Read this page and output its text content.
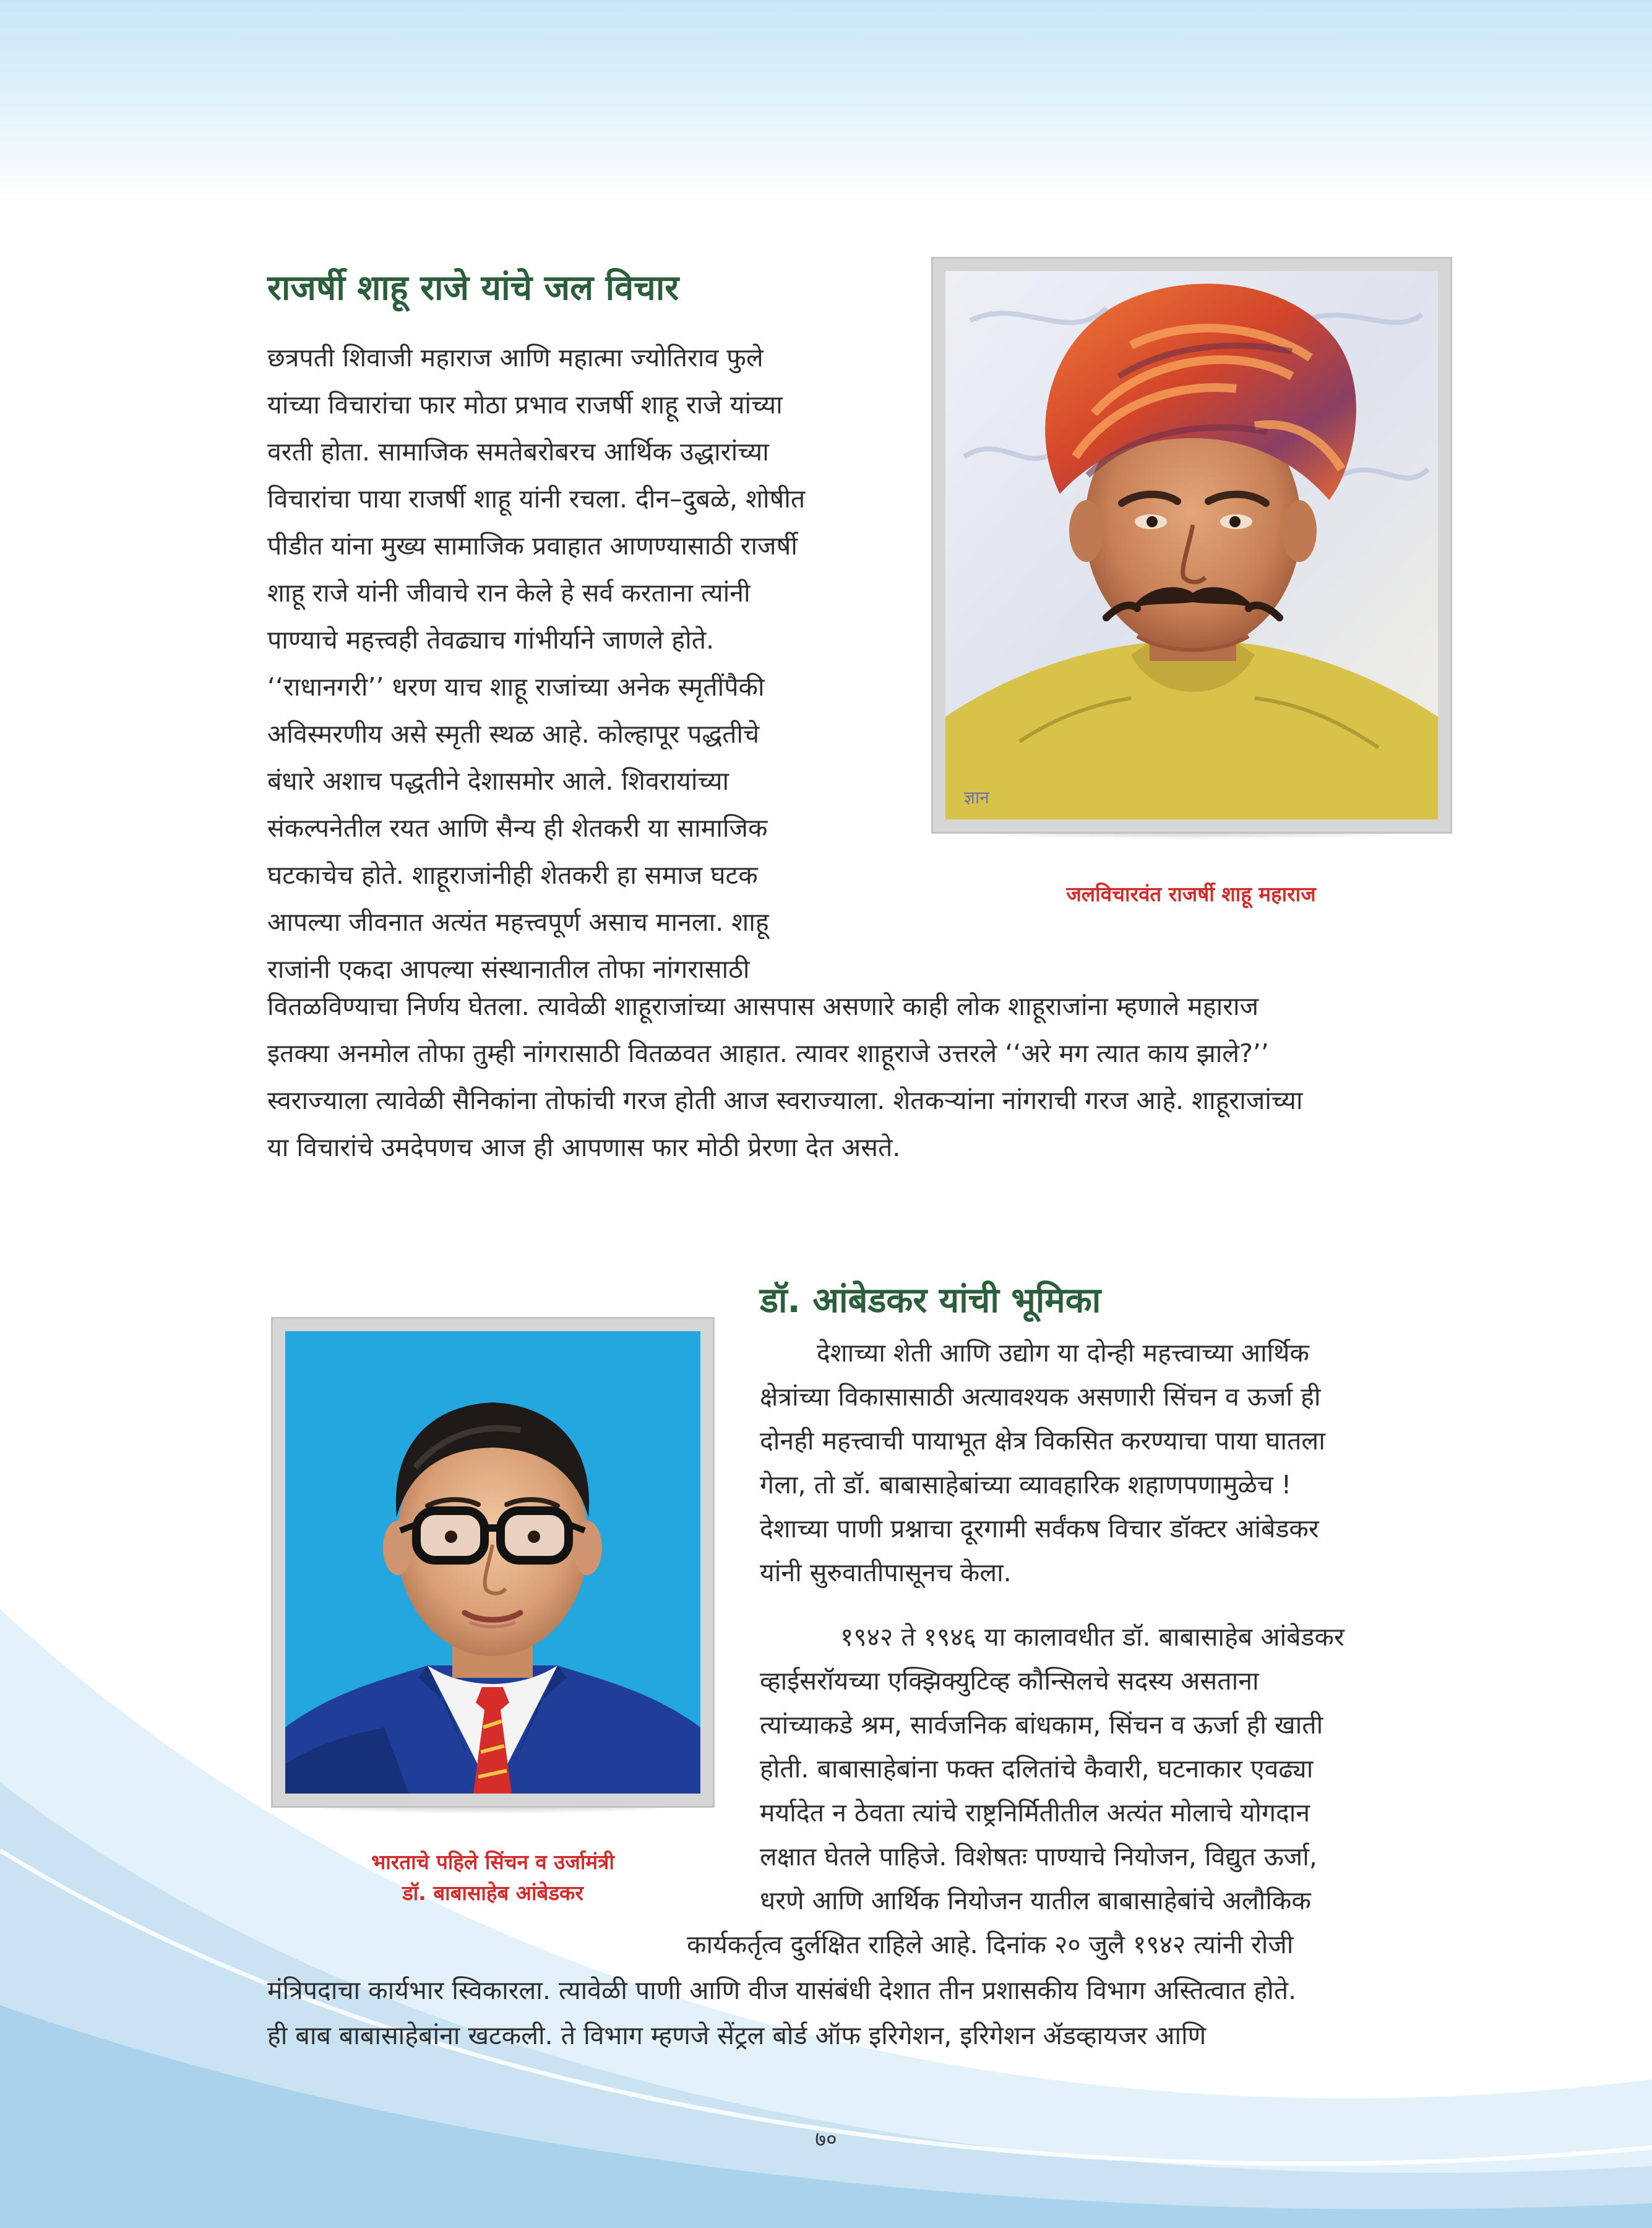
राजर्षी शाहू राजे यांचे जल विचार
छत्रपती शिवाजी महाराज आणि महात्मा ज्योतिराव फुले
यांच्या विचारांचा फार मोठा प्रभाव राजर्षी शाहू राजे यांच्या
वरती होता. सामाजिक समतेबरोबरच आर्थिक उद्धारांच्या
विचारांचा पाया राजर्षी शाहू यांनी रचला. दीन–दुबळे, शोषीत
पीडीत यांना मुख्य सामाजिक प्रवाहात आणण्यासाठी राजर्षी
शाहू राजे यांनी जीवाचे रान केले हे सर्व करताना त्यांनी
पाण्याचे महत्त्वही तेवढ्याच गांभीर्याने जाणले होते.
‘‘राधानगरी’’ धरण याच शाहू राजांच्या अनेक स्मृतींपैकी
अविस्मरणीय असे स्मृती स्थळ आहे. कोल्हापूर पद्धतीचे
बंधारे अशाच पद्धतीने देशासमोर आले. शिवरायांच्या
संकल्पनेतील रयत आणि सैन्य ही शेतकरी या सामाजिक
घटकाचेच होते. शाहूराजांनीही शेतकरी हा समाज घटक
आपल्या जीवनात अत्यंत महत्त्वपूर्ण असाच मानला. शाहू
राजांनी एकदा आपल्या संस्थानातील तोफा नांगरासाठी
वितळविण्याचा निर्णय घेतला. त्यावेळी शाहूराजांच्या आसपास असणारे काही लोक शाहूराजांना म्हणाले महाराज
इतक्या अनमोल तोफा तुम्ही नांगरासाठी वितळवत आहात. त्यावर शाहूराजे उत्तरले ‘‘अरे मग त्यात काय झाले?’’
स्वराज्याला त्यावेळी सैनिकांना तोफांची गरज होती आज स्वराज्याला. शेतकऱ्यांना नांगराची गरज आहे. शाहूराजांच्या
या विचारांचे उमदेपणच आज ही आपणास फार मोठी प्रेरणा देत असते.
ज्ञान

जलविचारवंत राजर्षी शाहू महाराज

डॉ. आंबेडकर यांची भूमिका
देशाच्या शेती आणि उद्योग या दोन्ही महत्त्वाच्या आर्थिक
क्षेत्रांच्या विकासासाठी अत्यावश्यक असणारी सिंचन व ऊर्जा ही
दोनही महत्त्वाची पायाभूत क्षेत्र विकसित करण्याचा पाया घातला
गेला, तो डॉ. बाबासाहेबांच्या व्यावहारिक शहाणपणामुळेच !
देशाच्या पाणी प्रश्नाचा दूरगामी सर्वंकष विचार डॉक्टर आंबेडकर
यांनी सुरुवातीपासूनच केला.
१९४२ ते १९४६ या कालावधीत डॉ. बाबासाहेब आंबेडकर
व्हाईसरॉयच्या एक्झिक्युटिव्ह कौन्सिलचे सदस्य असताना
त्यांच्याकडे श्रम, सार्वजनिक बांधकाम, सिंचन व ऊर्जा ही खाती
होती. बाबासाहेबांना फक्त दलितांचे कैवारी, घटनाकार एवढ्या
मर्यादेत न ठेवता त्यांचे राष्ट्रनिर्मितीतील अत्यंत मोलाचे योगदान
लक्षात घेतले पाहिजे. विशेषतः पाण्याचे नियोजन, विद्युत ऊर्जा,
धरणे आणि आर्थिक नियोजन यातील बाबासाहेबांचे अलौकिक
कार्यकर्तृत्व दुर्लक्षित राहिले आहे. दिनांक २० जुलै १९४२ त्यांनी रोजी
मंत्रिपदाचा कार्यभार स्विकारला. त्यावेळी पाणी आणि वीज यासंबंधी देशात तीन प्रशासकीय विभाग अस्तित्वात होते.
ही बाब बाबासाहेबांना खटकली. ते विभाग म्हणजे सेंट्रल बोर्ड ऑफ इरिगेशन, इरिगेशन ॲडव्हायजर आणि

भारताचे पहिले सिंचन व उर्जामंत्री

डॉ. बाबासाहेब आंबेडकर

७०
